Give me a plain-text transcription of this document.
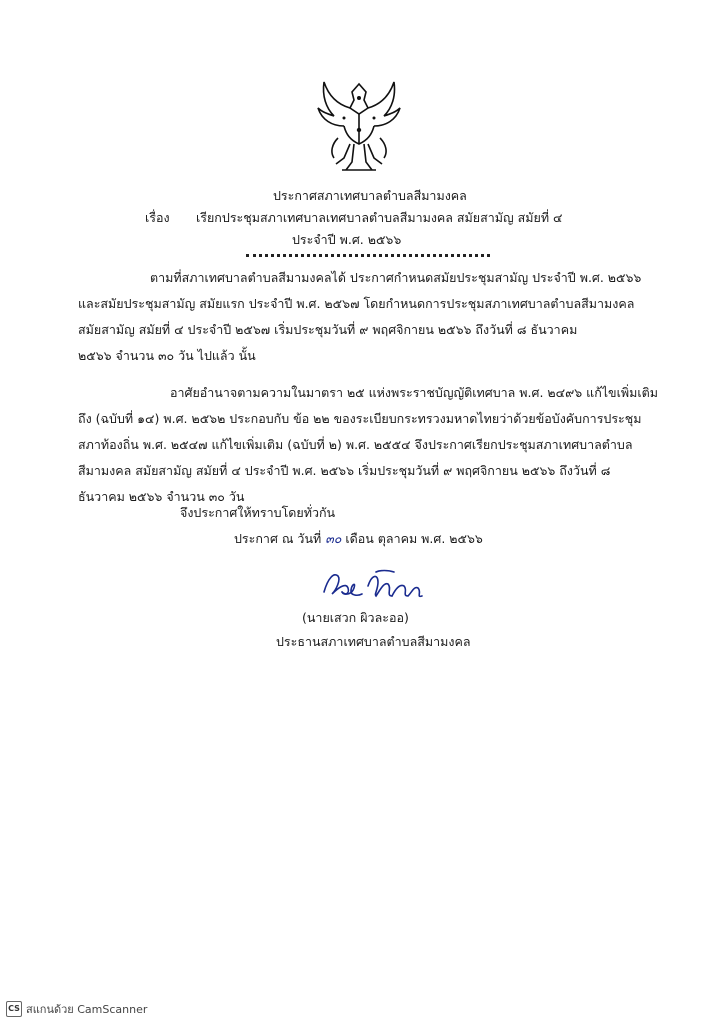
ประกาศสภาเทศบาลตำบลสีมามงคล
เรื่อง เรียกประชุมสภาเทศบาลเทศบาลตำบลสีมามงคล สมัยสามัญ สมัยที่ ๔
ประจำปี พ.ศ. ๒๕๖๖
ตามที่สภาเทศบาลตำบลสีมามงคลได้ ประกาศกำหนดสมัยประชุมสามัญ ประจำปี พ.ศ. ๒๕๖๖
และสมัยประชุมสามัญ สมัยแรก ประจำปี พ.ศ. ๒๕๖๗ โดยกำหนดการประชุมสภาเทศบาลตำบลสีมามงคล
สมัยสามัญ สมัยที่ ๔ ประจำปี ๒๕๖๗ เริ่มประชุมวันที่ ๙ พฤศจิกายน ๒๕๖๖ ถึงวันที่ ๘ ธันวาคม
๒๕๖๖ จำนวน ๓๐ วัน ไปแล้ว นั้น
อาศัยอำนาจตามความในมาตรา ๒๕ แห่งพระราชบัญญัติเทศบาล พ.ศ. ๒๔๙๖ แก้ไขเพิ่มเติม
ถึง (ฉบับที่ ๑๔) พ.ศ. ๒๕๖๒ ประกอบกับ ข้อ ๒๒ ของระเบียบกระทรวงมหาดไทยว่าด้วยข้อบังคับการประชุม
สภาท้องถิ่น พ.ศ. ๒๕๔๗ แก้ไขเพิ่มเติม (ฉบับที่ ๒) พ.ศ. ๒๕๕๔ จึงประกาศเรียกประชุมสภาเทศบาลตำบล
สีมามงคล สมัยสามัญ สมัยที่ ๔ ประจำปี พ.ศ. ๒๕๖๖ เริ่มประชุมวันที่ ๙ พฤศจิกายน ๒๕๖๖ ถึงวันที่ ๘
ธันวาคม ๒๕๖๖ จำนวน ๓๐ วัน
จึงประกาศให้ทราบโดยทั่วกัน
ประกาศ ณ วันที่ ๓๐ เดือน ตุลาคม พ.ศ. ๒๕๖๖
(นายเสวก ผิวละออ)
ประธานสภาเทศบาลตำบลสีมามงคล
CS สแกนด้วย CamScanner
